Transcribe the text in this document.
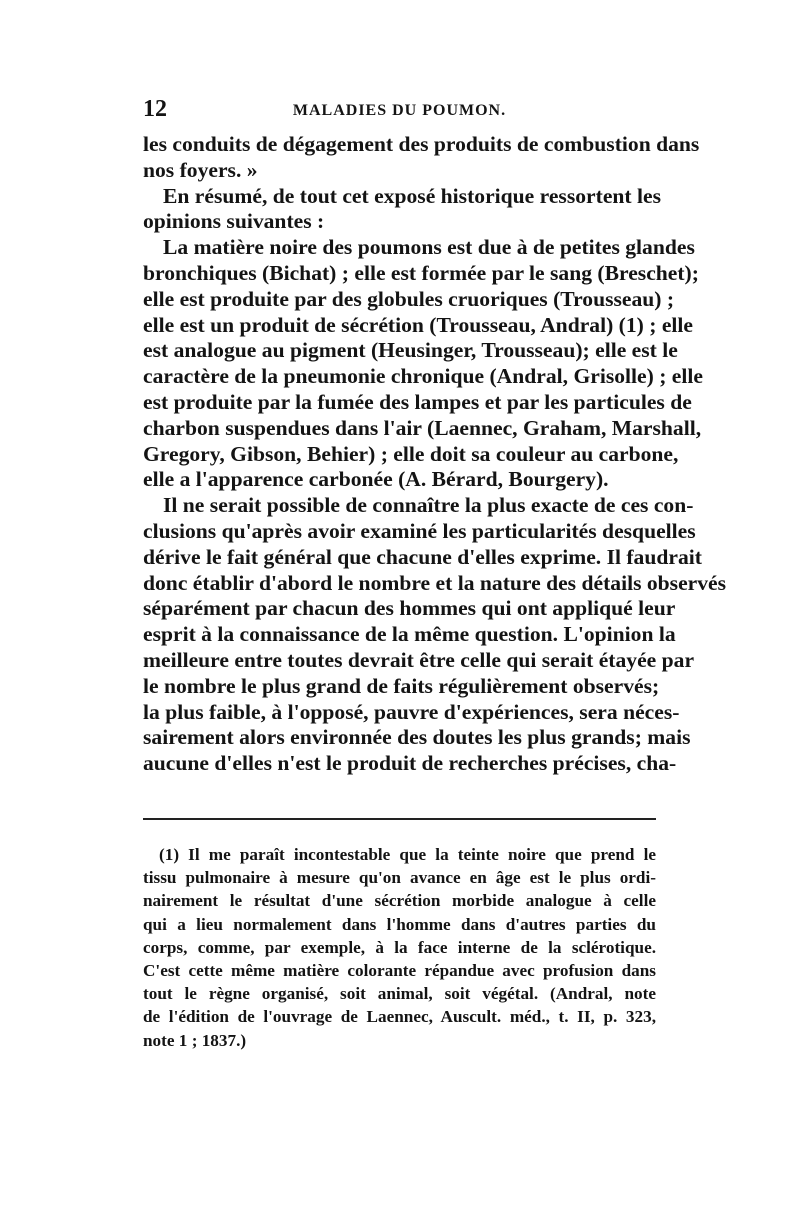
12	MALADIES DU POUMON.
les conduits de dégagement des produits de combustion dans
nos foyers. »
En résumé, de tout cet exposé historique ressortent les
opinions suivantes :
La matière noire des poumons est due à de petites glandes
bronchiques (Bichat) ; elle est formée par le sang (Breschet);
elle est produite par des globules cruoriques (Trousseau) ;
elle est un produit de sécrétion (Trousseau, Andral) (1) ; elle
est analogue au pigment (Heusinger, Trousseau); elle est le
caractère de la pneumonie chronique (Andral, Grisolle) ; elle
est produite par la fumée des lampes et par les particules de
charbon suspendues dans l'air (Laennec, Graham, Marshall,
Gregory, Gibson, Behier) ; elle doit sa couleur au carbone,
elle a l'apparence carbonée (A. Bérard, Bourgery).
Il ne serait possible de connaître la plus exacte de ces con-
clusions qu'après avoir examiné les particularités desquelles
dérive le fait général que chacune d'elles exprime. Il faudrait
donc établir d'abord le nombre et la nature des détails observés
séparément par chacun des hommes qui ont appliqué leur
esprit à la connaissance de la même question. L'opinion la
meilleure entre toutes devrait être celle qui serait étayée par
le nombre le plus grand de faits régulièrement observés;
la plus faible, à l'opposé, pauvre d'expériences, sera néces-
sairement alors environnée des doutes les plus grands; mais
aucune d'elles n'est le produit de recherches précises, cha-
(1) Il me paraît incontestable que la teinte noire que prend le
tissu pulmonaire à mesure qu'on avance en âge est le plus ordi-
nairement le résultat d'une sécrétion morbide analogue à celle
qui a lieu normalement dans l'homme dans d'autres parties du
corps, comme, par exemple, à la face interne de la sclérotique.
C'est cette même matière colorante répandue avec profusion dans
tout le règne organisé, soit animal, soit végétal. (Andral, note
de l'édition de l'ouvrage de Laennec, Auscult. méd., t. II, p. 323,
note 1 ; 1837.)
